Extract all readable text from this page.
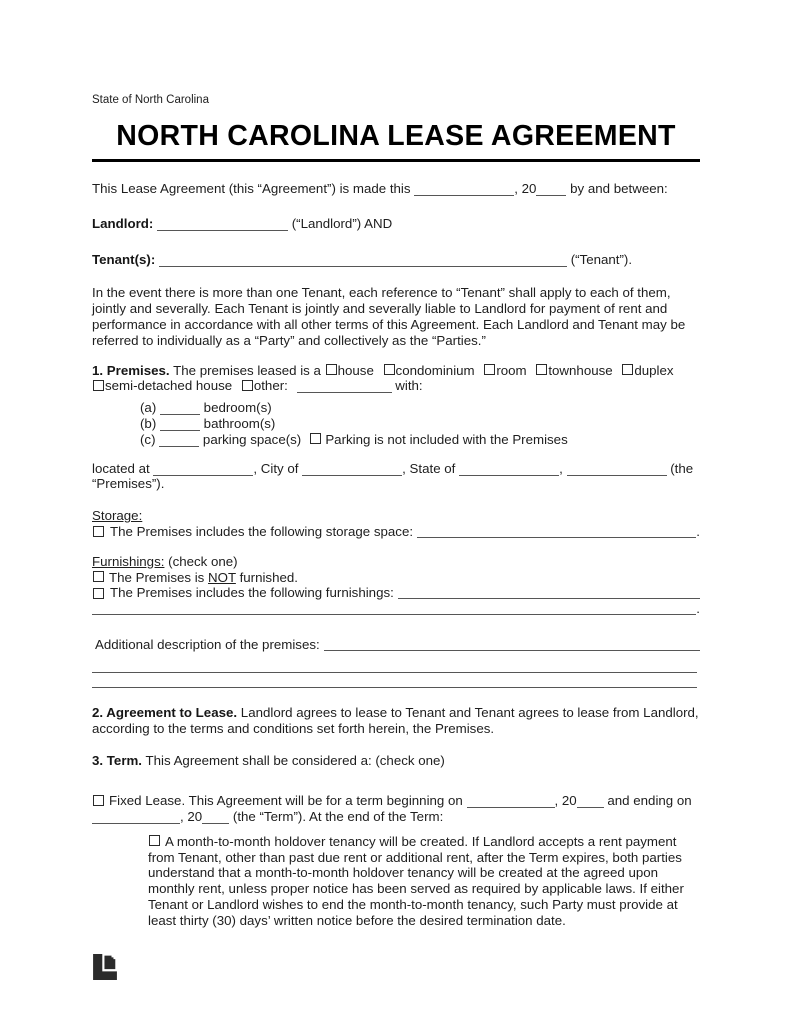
State of North Carolina
NORTH CAROLINA LEASE AGREEMENT

This Lease Agreement (this “Agreement”) is made this	, 20	by and between:

Landlord:	(“Landlord”) AND

Tenant(s):	(“Tenant”).

In the event there is more than one Tenant, each reference to “Tenant” shall apply to each of them, jointly and severally. Each Tenant is jointly and severally liable to Landlord for payment of rent and performance in accordance with all other terms of this Agreement. Each Landlord and Tenant may be referred to individually as a “Party” and collectively as the “Parties.”

1. Premises. The premises leased is a house condominium room townhouse duplex semi-detached house other:	with:

(a)	bedroom(s)
(b)	bathroom(s)
(c)	parking space(s) Parking is not included with the Premises

located at	, City of	, State of	,	(the “Premises”).

Storage:

The Premises includes the following storage space:	.

Furnishings: (check one)

The Premises is NOT furnished.
The Premises includes the following furnishings:
.
Additional description of the premises:

2. Agreement to Lease. Landlord agrees to lease to Tenant and Tenant agrees to lease from Landlord, according to the terms and conditions set forth herein, the Premises.

3. Term. This Agreement shall be considered a: (check one)

Fixed Lease. This Agreement will be for a term beginning on	, 20 and ending on , 20 (the “Term”). At the end of the Term:

A month-to-month holdover tenancy will be created. If Landlord accepts a rent payment from Tenant, other than past due rent or additional rent, after the Term expires, both parties understand that a month-to-month holdover tenancy will be created at the agreed upon monthly rent, unless proper notice has been served as required by applicable laws. If either Tenant or Landlord wishes to end the month-to-month tenancy, such Party must provide at least thirty (30) days’ written notice before the desired termination date.
